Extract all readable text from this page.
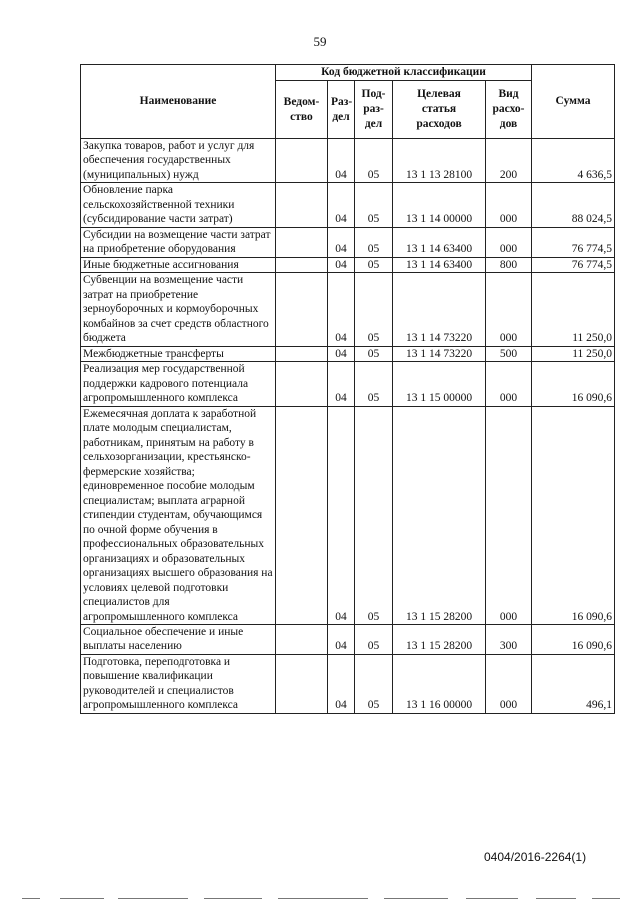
59
Наименование	Код бюджетной классификации					Сумма
	Ведом-ство	Раз-дел	Под-раз-дел	Целевая статья расходов	Вид расхо-дов	
Закупка товаров, работ и услуг для обеспечения государственных (муниципальных) нужд		04	05	13 1 13 28100	200	4 636,5
Обновление парка сельскохозяйственной техники (субсидирование части затрат)		04	05	13 1 14 00000	000	88 024,5
Субсидии на возмещение части затрат на приобретение оборудования		04	05	13 1 14 63400	000	76 774,5
Иные бюджетные ассигнования		04	05	13 1 14 63400	800	76 774,5
Субвенции на возмещение части затрат на приобретение зерноуборочных и кормоуборочных комбайнов за счет средств областного бюджета		04	05	13 1 14 73220	000	11 250,0
Межбюджетные трансферты		04	05	13 1 14 73220	500	11 250,0
Реализация мер государственной поддержки кадрового потенциала агропромышленного комплекса		04	05	13 1 15 00000	000	16 090,6
Ежемесячная доплата к заработной плате молодым специалистам, работникам, принятым на работу в сельхозорганизации, крестьянско-фермерские хозяйства; единовременное пособие молодым специалистам; выплата аграрной стипендии студентам, обучающимся по очной форме обучения в профессиональных образовательных организациях и образовательных организациях высшего образования на условиях целевой подготовки специалистов для агропромышленного комплекса		04	05	13 1 15 28200	000	16 090,6
Социальное обеспечение и иные выплаты населению		04	05	13 1 15 28200	300	16 090,6
Подготовка, переподготовка и повышение квалификации руководителей и специалистов агропромышленного комплекса		04	05	13 1 16 00000	000	496,1
0404/2016-2264(1)
